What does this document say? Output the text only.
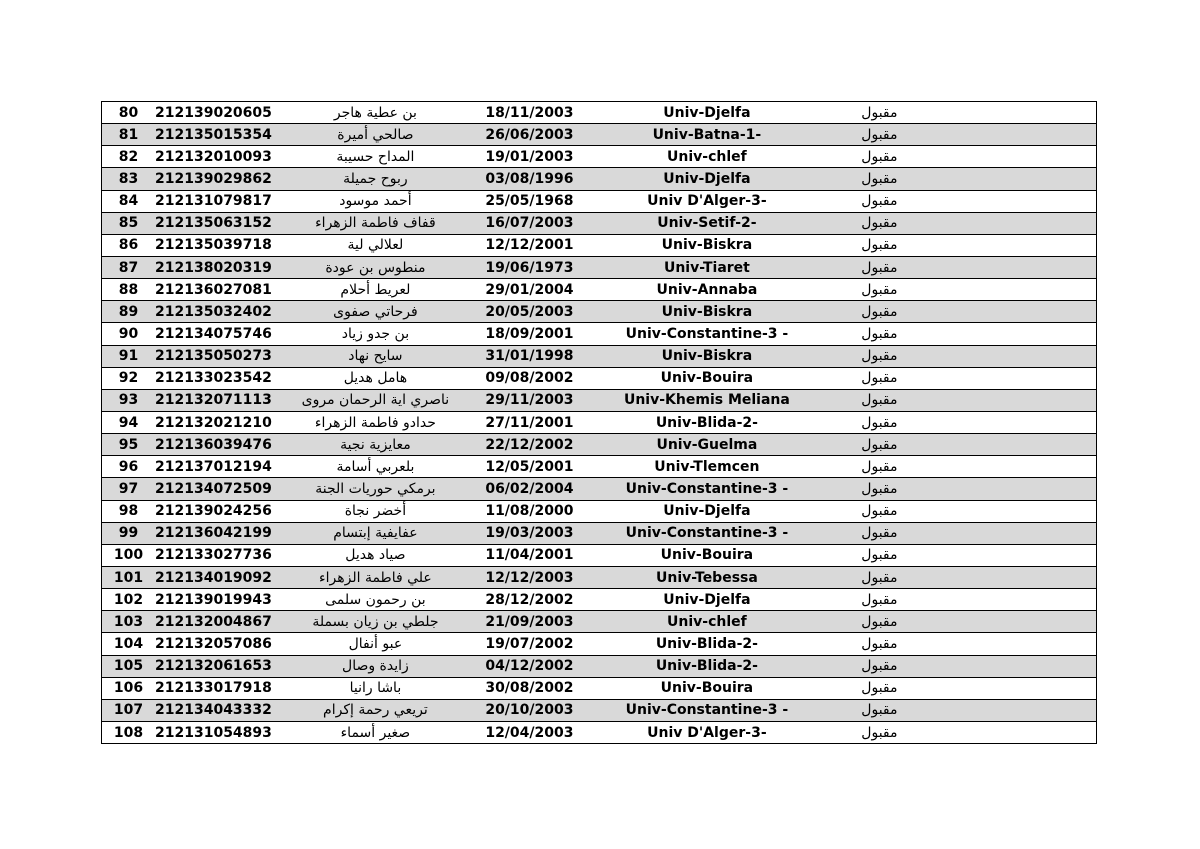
80	212139020605	بن عطية هاجر	18/11/2003	Univ-Djelfa	مقبول	
81	212135015354	صالحي أميرة	26/06/2003	Univ-Batna-1-	مقبول	
82	212132010093	المداح حسيبة	19/01/2003	Univ-chlef	مقبول	
83	212139029862	ربوح جميلة	03/08/1996	Univ-Djelfa	مقبول	
84	212131079817	أحمد موسود	25/05/1968	Univ D'Alger-3-	مقبول	
85	212135063152	قفاف فاطمة الزهراء	16/07/2003	Univ-Setif-2-	مقبول	
86	212135039718	لعلالي لية	12/12/2001	Univ-Biskra	مقبول	
87	212138020319	منطوس بن عودة	19/06/1973	Univ-Tiaret	مقبول	
88	212136027081	لعريط أحلام	29/01/2004	Univ-Annaba	مقبول	
89	212135032402	فرحاتي صفوى	20/05/2003	Univ-Biskra	مقبول	
90	212134075746	بن جدو زياد	18/09/2001	Univ-Constantine-3 -	مقبول	
91	212135050273	سايح نهاد	31/01/1998	Univ-Biskra	مقبول	
92	212133023542	هامل هديل	09/08/2002	Univ-Bouira	مقبول	
93	212132071113	ناصري اية الرحمان مروى	29/11/2003	Univ-Khemis Meliana	مقبول	
94	212132021210	حدادو فاطمة الزهراء	27/11/2001	Univ-Blida-2-	مقبول	
95	212136039476	معايزية نجية	22/12/2002	Univ-Guelma	مقبول	
96	212137012194	بلعربي أسامة	12/05/2001	Univ-Tlemcen	مقبول	
97	212134072509	برمكي حوريات الجنة	06/02/2004	Univ-Constantine-3 -	مقبول	
98	212139024256	أخضر نجاة	11/08/2000	Univ-Djelfa	مقبول	
99	212136042199	عفايفية إبتسام	19/03/2003	Univ-Constantine-3 -	مقبول	
100	212133027736	صياد هديل	11/04/2001	Univ-Bouira	مقبول	
101	212134019092	علي فاطمة الزهراء	12/12/2003	Univ-Tebessa	مقبول	
102	212139019943	بن رحمون سلمى	28/12/2002	Univ-Djelfa	مقبول	
103	212132004867	جلطي بن زيان بسملة	21/09/2003	Univ-chlef	مقبول	
104	212132057086	عبو أنفال	19/07/2002	Univ-Blida-2-	مقبول	
105	212132061653	زايدة وصال	04/12/2002	Univ-Blida-2-	مقبول	
106	212133017918	باشا رانيا	30/08/2002	Univ-Bouira	مقبول	
107	212134043332	تريعي رحمة إكرام	20/10/2003	Univ-Constantine-3 -	مقبول	
108	212131054893	صغير أسماء	12/04/2003	Univ D'Alger-3-	مقبول	
